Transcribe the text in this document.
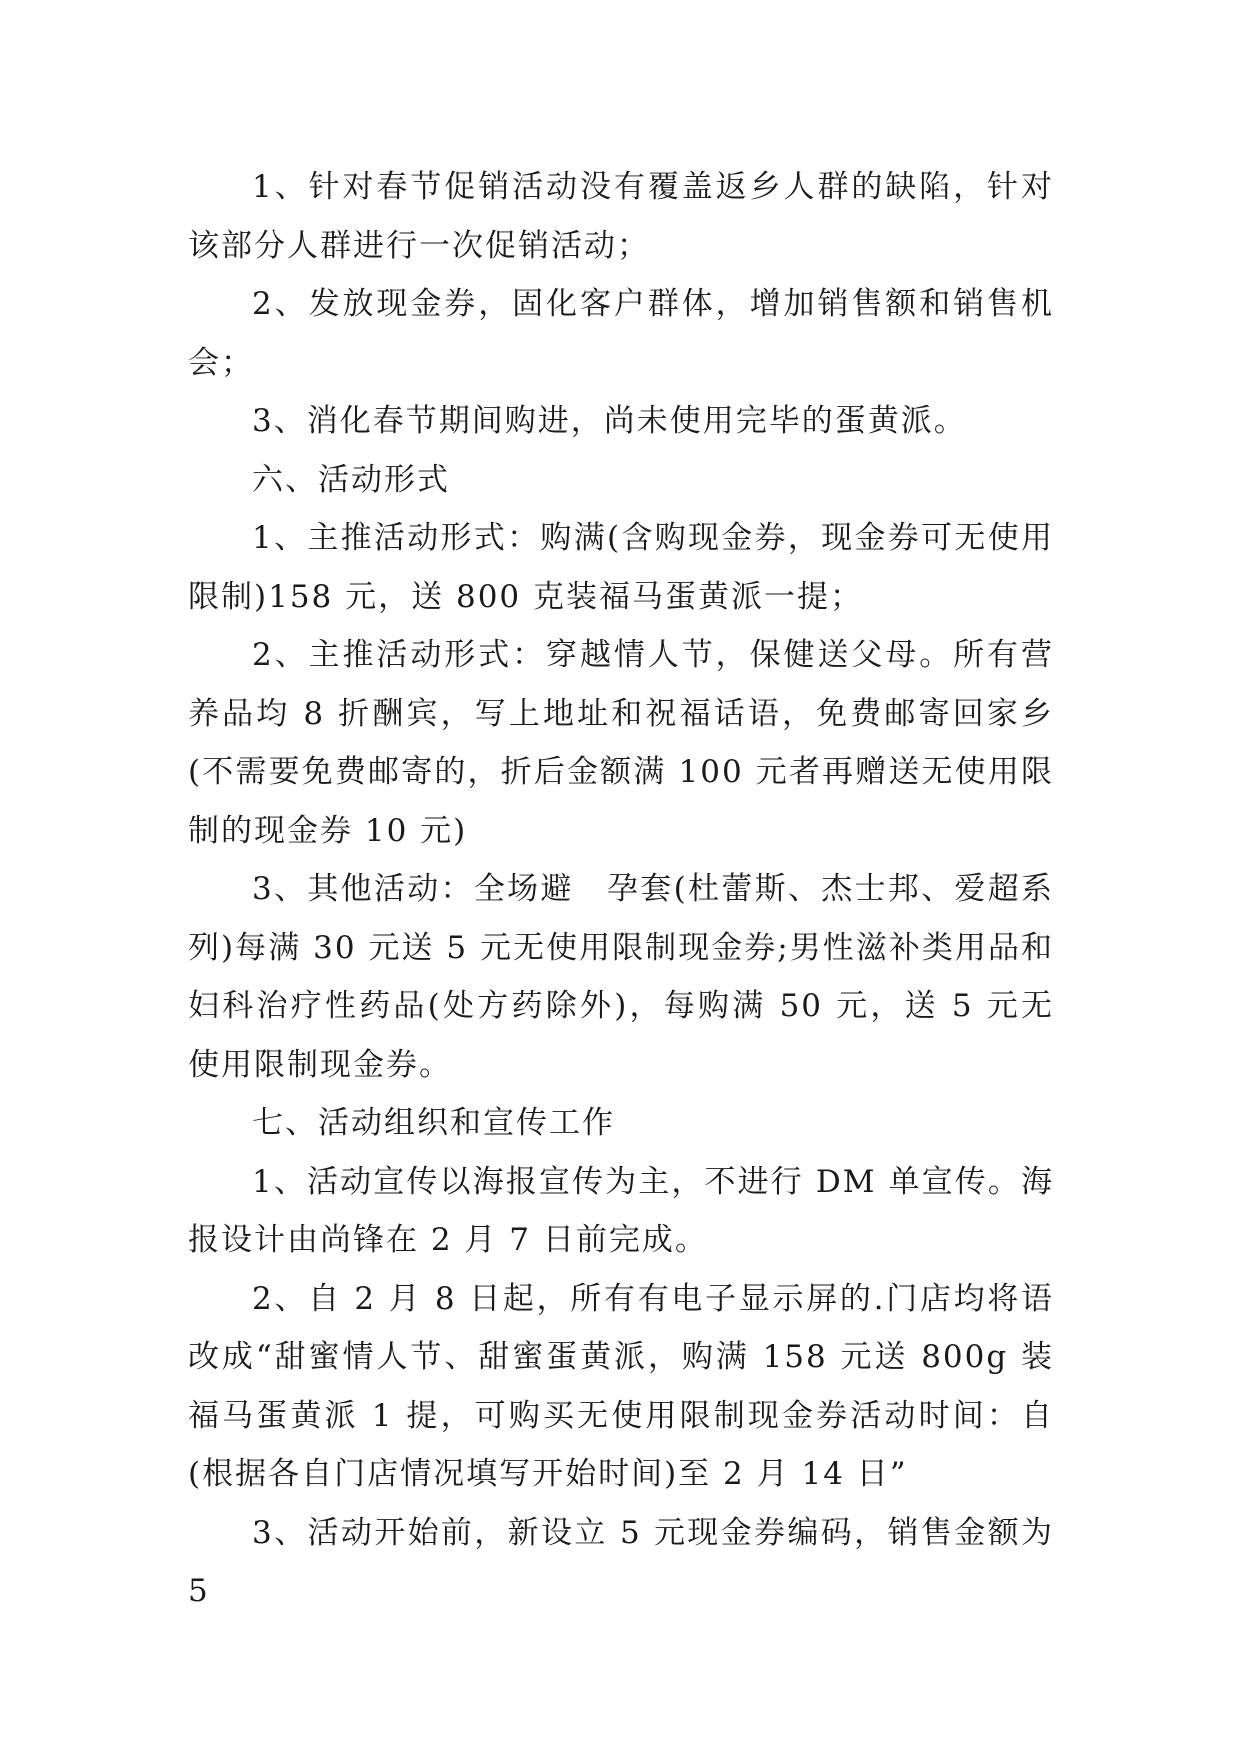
1、针对春节促销活动没有覆盖返乡人群的缺陷，针对该部分人群进行一次促销活动；

2、发放现金券，固化客户群体，增加销售额和销售机会；

3、消化春节期间购进，尚未使用完毕的蛋黄派。

六、活动形式

1、主推活动形式：购满(含购现金券，现金券可无使用限制)158 元，送 800 克装福马蛋黄派一提；

2、主推活动形式：穿越情人节，保健送父母。所有营养品均 8 折酬宾，写上地址和祝福话语，免费邮寄回家乡(不需要免费邮寄的，折后金额满 100 元者再赠送无使用限制的现金券 10 元)

3、其他活动：全场避　孕套(杜蕾斯、杰士邦、爱超系列)每满 30 元送 5 元无使用限制现金券;男性滋补类用品和妇科治疗性药品(处方药除外)，每购满 50 元，送 5 元无使用限制现金券。

七、活动组织和宣传工作

1、活动宣传以海报宣传为主，不进行 DM 单宣传。海报设计由尚锋在 2 月 7 日前完成。

2、自 2 月 8 日起，所有有电子显示屏的.门店均将语改成“甜蜜情人节、甜蜜蛋黄派，购满 158 元送 800g 装福马蛋黄派 1 提，可购买无使用限制现金券活动时间：自 (根据各自门店情况填写开始时间)至 2 月 14 日”

3、活动开始前，新设立 5 元现金券编码，销售金额为 5
